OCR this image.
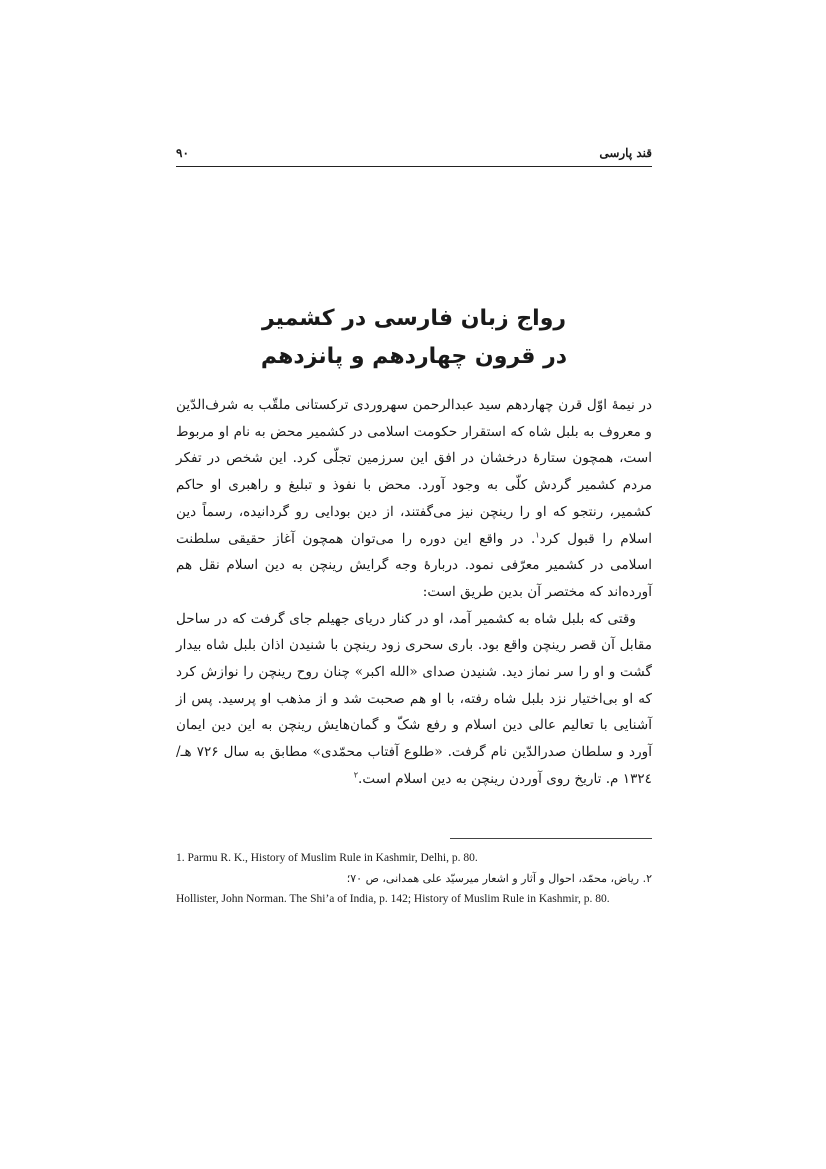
قند پارسی
۹۰
رواج زبان فارسی در کشمیر
در قرون چهاردهم و پانزدهم

در نیمۀ اوّل قرن چهاردهم سید عبدالرحمن سهروردی ترکستانی ملقّب به شرف‌الدّین و معروف به بلبل شاه که استقرار حکومت اسلامی در کشمیر محض به نام او مربوط است، همچون ستارۀ درخشان در افق این سرزمین تجلّی کرد. این شخص در تفکر مردم کشمیر گردش کلّی به وجود آورد. محض با نفوذ و تبلیغ و راهبری او حاکم کشمیر، رنتجو که او را رینچن نیز می‌گفتند، از دین بودایی رو گردانیده، رسماً دین اسلام را قبول کرد$^۱$. در واقع این دوره را می‌توان همچون آغاز حقیقی سلطنت اسلامی در کشمیر معرّفی نمود. دربارۀ وجه گرایش رینچن به دین اسلام نقل هم آورده‌اند که مختصر آن بدین طریق است:

وقتی که بلبل شاه به کشمیر آمد، او در کنار دریای جهیلم جای گرفت که در ساحل مقابل آن قصر رینچن واقع بود. باری سحری زود رینچن با شنیدن اذان بلبل شاه بیدار گشت و او را سر نماز دید. شنیدن صدای «الله اکبر» چنان روح رینچن را نوازش کرد که او بی‌اختیار نزد بلبل شاه رفته، با او هم صحبت شد و از مذهب او پرسید. پس از آشنایی با تعالیم عالی دین اسلام و رفع شکّ و گمان‌هایش رینچن به این دین ایمان آورد و سلطان صدرالدّین نام گرفت. «طلوع آفتاب محمّدی» مطابق به سال ۷۲۶ هـ/ ۱۳۲٤ م. تاریخ روی آوردن رینچن به دین اسلام است.$^۲$

1. Parmu R. K., History of Muslim Rule in Kashmir, Delhi, p. 80.
۲. ریاض، محمّد، احوال و آثار و اشعار میرسیّد علی همدانی، ص ۷۰؛
Hollister, John Norman. The Shi’a of India, p. 142; History of Muslim Rule in Kashmir, p. 80.
